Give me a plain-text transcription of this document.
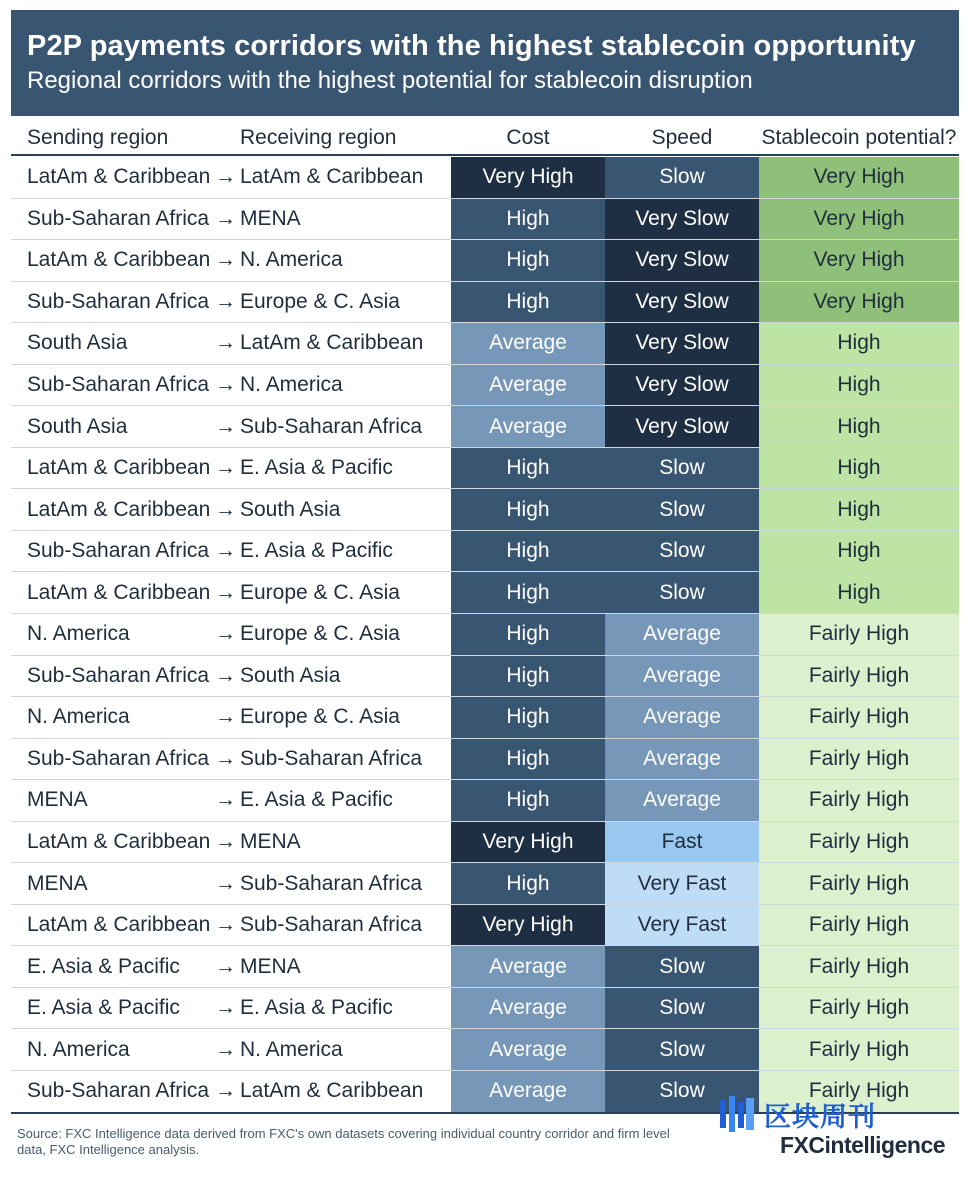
P2P payments corridors with the highest stablecoin opportunity
Regional corridors with the highest potential for stablecoin disruption
Sending region	Receiving region	Cost	Speed	Stablecoin potential?
LatAm & Caribbean → LatAm & Caribbean	Very High	Slow	Very High
Sub-Saharan Africa → MENA	High	Very Slow	Very High
LatAm & Caribbean → N. America	High	Very Slow	Very High
Sub-Saharan Africa → Europe & C. Asia	High	Very Slow	Very High
South Asia	→ LatAm & Caribbean	Average	Very Slow	High
Sub-Saharan Africa → N. America	Average	Very Slow	High
South Asia	→ Sub-Saharan Africa	Average	Very Slow	High
LatAm & Caribbean → E. Asia & Pacific	High	Slow	High
LatAm & Caribbean → South Asia	High	Slow	High
Sub-Saharan Africa → E. Asia & Pacific	High	Slow	High
LatAm & Caribbean → Europe & C. Asia	High	Slow	High
N. America	→ Europe & C. Asia	High	Average	Fairly High
Sub-Saharan Africa → South Asia	High	Average	Fairly High
N. America	→ Europe & C. Asia	High	Average	Fairly High
Sub-Saharan Africa → Sub-Saharan Africa	High	Average	Fairly High
MENA	→ E. Asia & Pacific	High	Average	Fairly High
LatAm & Caribbean → MENA	Very High	Fast	Fairly High
MENA	→ Sub-Saharan Africa	High	Very Fast	Fairly High
LatAm & Caribbean → Sub-Saharan Africa	Very High	Very Fast	Fairly High
E. Asia & Pacific → MENA	Average	Slow	Fairly High
E. Asia & Pacific → E. Asia & Pacific	Average	Slow	Fairly High
N. America	→ N. America	Average	Slow	Fairly High
Sub-Saharan Africa → LatAm & Caribbean	Average	Slow	Fairly High
Source: FXC Intelligence data derived from FXC's own datasets covering individual country corridor and firm level data, FXC Intelligence analysis.
区块周刊
FXCintelligence
